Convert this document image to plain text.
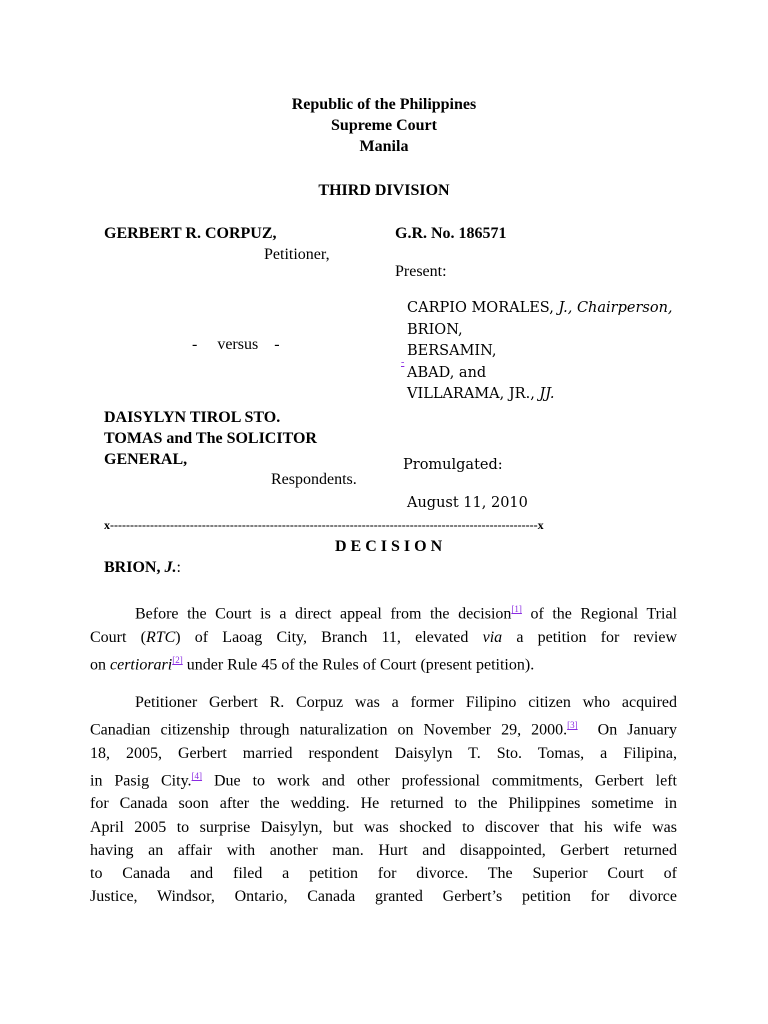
Republic of the Philippines
Supreme Court
Manila
THIRD DIVISION
GERBERT R. CORPUZ,
Petitioner,
-     versus    -
DAISYLYN TIROL STO.
TOMAS and The SOLICITOR
GENERAL,
Respondents.
G.R. No. 186571
Present:
CARPIO MORALES, J., Chairperson,
BRION,
BERSAMIN,
ABAD, and
VILLARAMA, JR., JJ.
-
Promulgated:
August 11, 2010
x-----------------------------------------------------------------------------------------------------------x
D E C I S I O N
BRION, J.:
Before the Court is a direct appeal from the decision[1] of the Regional Trial
Court (RTC) of Laoag City, Branch 11, elevated via a petition for review
on certiorari[2] under Rule 45 of the Rules of Court (present petition).
Petitioner Gerbert R. Corpuz was a former Filipino citizen who acquired
Canadian citizenship through naturalization on November 29, 2000.[3]  On January
18, 2005, Gerbert married respondent Daisylyn T. Sto. Tomas, a Filipina,
in Pasig City.[4] Due to work and other professional commitments, Gerbert left
for Canada soon after the wedding. He returned to the Philippines sometime in
April 2005 to surprise Daisylyn, but was shocked to discover that his wife was
having an affair with another man. Hurt and disappointed, Gerbert returned
to Canada and filed a petition for divorce. The Superior Court of
Justice, Windsor, Ontario, Canada granted Gerbert’s petition for divorce
